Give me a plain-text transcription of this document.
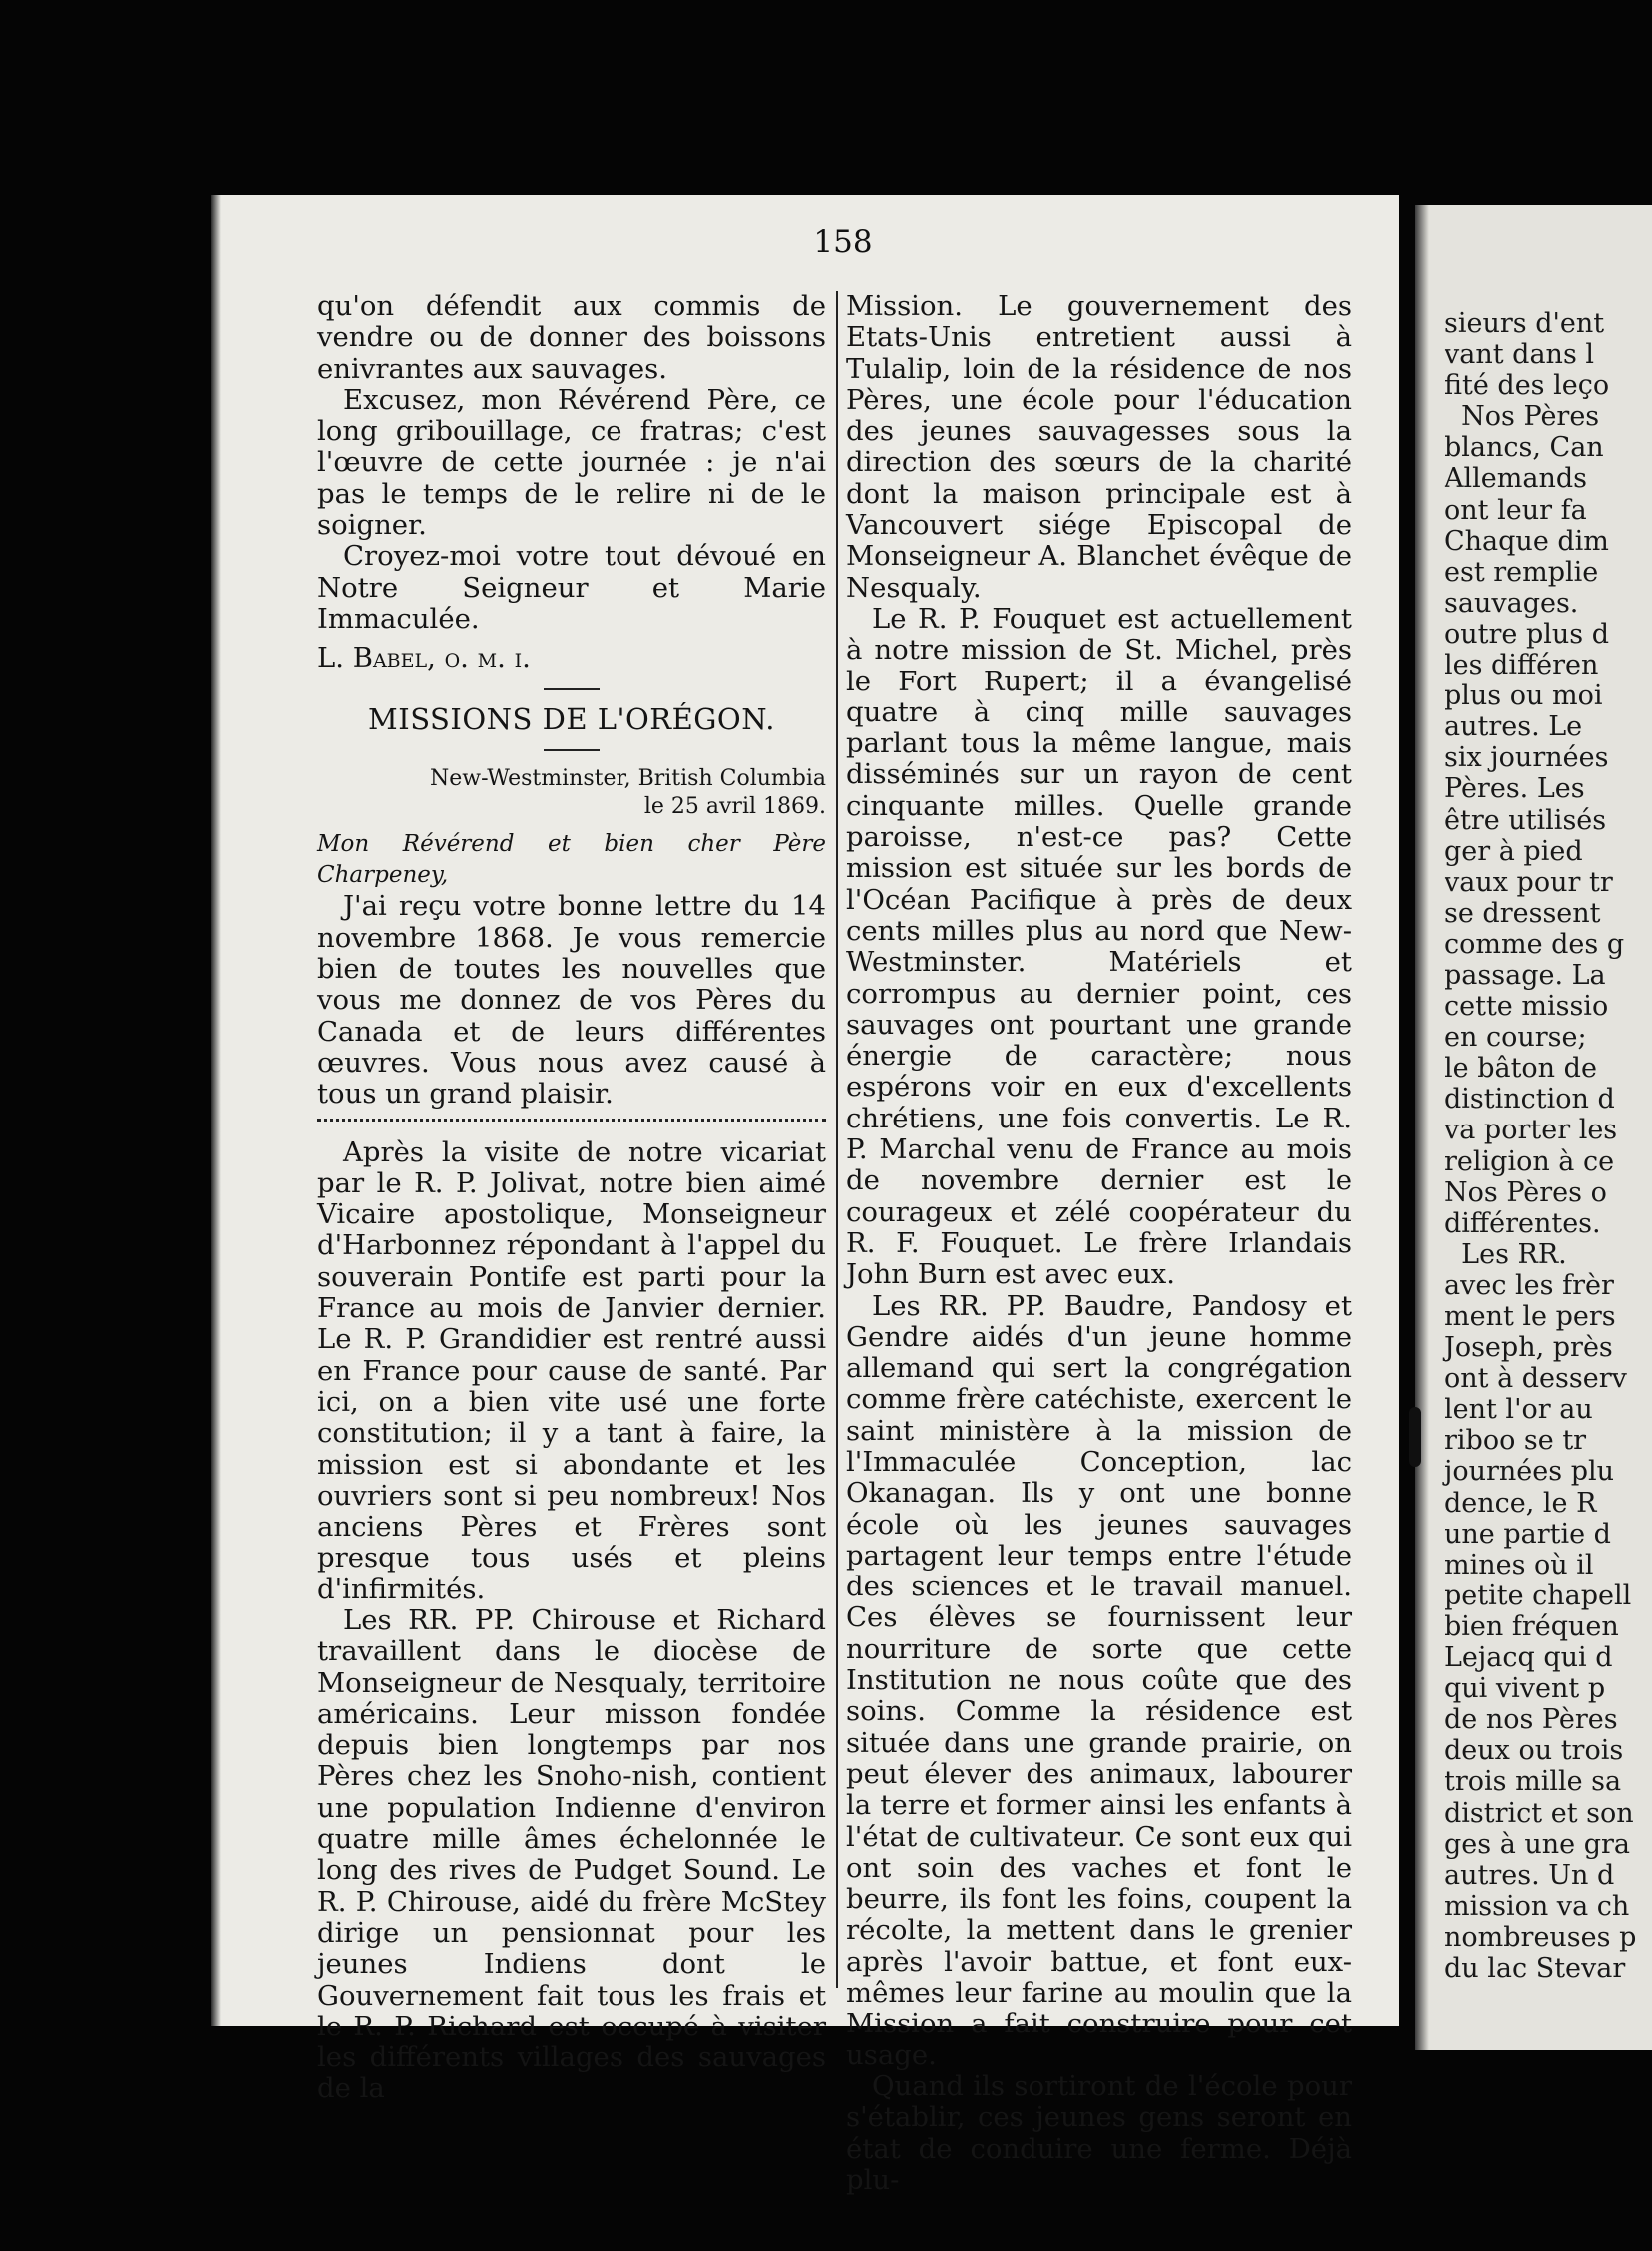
158

qu'on défendit aux commis de vendre ou de donner des boissons enivrantes aux sauvages.

Excusez, mon Révérend Père, ce long gribouillage, ce fratras; c'est l'œuvre de cette journée : je n'ai pas le temps de le relire ni de le soigner.

Croyez-moi votre tout dévoué en Notre Seigneur et Marie Immaculée.

L. Babel, o. m. i.

MISSIONS DE L'ORÉGON.

New-Westminster, British Columbia

le 25 avril 1869.

Mon Révérend et bien cher Père Charpeney,

J'ai reçu votre bonne lettre du 14 novembre 1868. Je vous remercie bien de toutes les nouvelles que vous me donnez de vos Pères du Canada et de leurs différentes œuvres. Vous nous avez causé à tous un grand plaisir.

Après la visite de notre vicariat par le R. P. Jolivat, notre bien aimé Vicaire apostolique, Monseigneur d'Harbonnez répondant à l'appel du souverain Pontife est parti pour la France au mois de Janvier dernier. Le R. P. Grandidier est rentré aussi en France pour cause de santé. Par ici, on a bien vite usé une forte constitution; il y a tant à faire, la mission est si abondante et les ouvriers sont si peu nombreux! Nos anciens Pères et Frères sont presque tous usés et pleins d'infirmités.

Les RR. PP. Chirouse et Richard travaillent dans le diocèse de Monseigneur de Nesqualy, territoire américains. Leur misson fondée depuis bien longtemps par nos Pères chez les Snoho-nish, contient une population Indienne d'environ quatre mille âmes échelonnée le long des rives de Pudget Sound. Le R. P. Chirouse, aidé du frère McStey dirige un pensionnat pour les jeunes Indiens dont le Gouvernement fait tous les frais et le R. P. Richard est occupé à visiter les différents villages des sauvages de la

Mission. Le gouvernement des Etats-Unis entretient aussi à Tulalip, loin de la résidence de nos Pères, une école pour l'éducation des jeunes sauvagesses sous la direction des sœurs de la charité dont la maison principale est à Vancouvert siége Episcopal de Monseigneur A. Blanchet évêque de Nesqualy.

Le R. P. Fouquet est actuellement à notre mission de St. Michel, près le Fort Rupert; il a évangelisé quatre à cinq mille sauvages parlant tous la même langue, mais disséminés sur un rayon de cent cinquante milles. Quelle grande paroisse, n'est-ce pas? Cette mission est située sur les bords de l'Océan Pacifique à près de deux cents milles plus au nord que New-Westminster. Matériels et corrompus au dernier point, ces sauvages ont pourtant une grande énergie de caractère; nous espérons voir en eux d'excellents chrétiens, une fois convertis. Le R. P. Marchal venu de France au mois de novembre dernier est le courageux et zélé coopérateur du R. F. Fouquet. Le frère Irlandais John Burn est avec eux.

Les RR. PP. Baudre, Pandosy et Gendre aidés d'un jeune homme allemand qui sert la congrégation comme frère catéchiste, exercent le saint ministère à la mission de l'Immaculée Conception, lac Okanagan. Ils y ont une bonne école où les jeunes sauvages partagent leur temps entre l'étude des sciences et le travail manuel. Ces élèves se fournissent leur nourriture de sorte que cette Institution ne nous coûte que des soins. Comme la résidence est située dans une grande prairie, on peut élever des animaux, labourer la terre et former ainsi les enfants à l'état de cultivateur. Ce sont eux qui ont soin des vaches et font le beurre, ils font les foins, coupent la récolte, la mettent dans le grenier après l'avoir battue, et font eux-mêmes leur farine au moulin que la Mission a fait construire pour cet usage.

Quand ils sortiront de l'école pour s'établir, ces jeunes gens seront en état de conduire une ferme. Déjà plu-

sieurs d'ent
vant dans l
fité des leço
Nos Pères
blancs, Can
Allemands
ont leur fa
Chaque dim
est remplie
sauvages.
outre plus d
les différen
plus ou moi
autres. Le
six journées
Pères. Les
être utilisés
ger à pied
vaux pour tr
se dressent
comme des g
passage. La
cette missio
en course;
le bâton de
distinction d
va porter les
religion à ce
Nos Pères o
différentes.
Les RR.
avec les frèr
ment le pers
Joseph, près
ont à desserv
lent l'or au
riboo se tr
journées plu
dence, le R
une partie d
mines où il
petite chapell
bien fréquen
Lejacq qui d
qui vivent p
de nos Pères
deux ou trois
trois mille sa
district et son
ges à une gra
autres. Un d
mission va ch
nombreuses p
du lac Stevar
